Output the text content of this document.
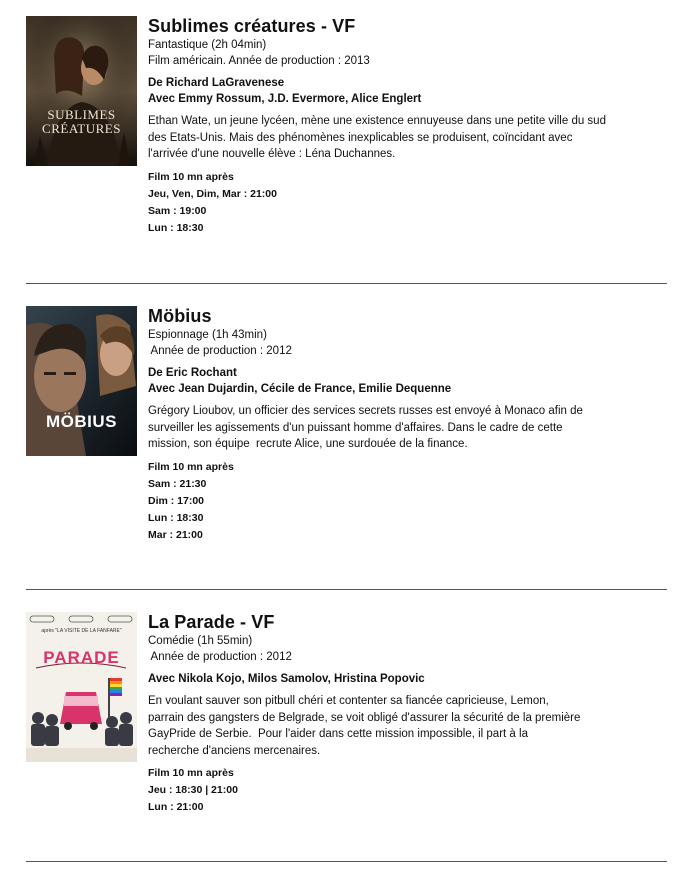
SUBLIMES CRÉATURES
Sublimes créatures - VF
Fantastique (2h 04min)
Film américain. Année de production : 2013
De Richard LaGravenese
Avec Emmy Rossum, J.D. Evermore, Alice Englert
Ethan Wate, un jeune lycéen, mène une existence ennuyeuse dans une petite ville du sud
des Etats-Unis. Mais des phénomènes inexplicables se produisent, coïncidant avec
l'arrivée d'une nouvelle élève : Léna Duchannes.
Film 10 mn après
Jeu, Ven, Dim, Mar : 21:00
Sam : 19:00
Lun : 18:30
MÖBIUS
Möbius
Espionnage (1h 43min)
Année de production : 2012
De Eric Rochant
Avec Jean Dujardin, Cécile de France, Emilie Dequenne
Grégory Lioubov, un officier des services secrets russes est envoyé à Monaco afin de
surveiller les agissements d'un puissant homme d'affaires. Dans le cadre de cette
mission, son équipe  recrute Alice, une surdouée de la finance.
Film 10 mn après
Sam : 21:30
Dim : 17:00
Lun : 18:30
Mar : 21:00
après "LA VISITE DE LA FANFARE"
PARADE
La Parade - VF
Comédie (1h 55min)
Année de production : 2012
Avec Nikola Kojo, Milos Samolov, Hristina Popovic
En voulant sauver son pitbull chéri et contenter sa fiancée capricieuse, Lemon,
parrain des gangsters de Belgrade, se voit obligé d'assurer la sécurité de la première
GayPride de Serbie.  Pour l'aider dans cette mission impossible, il part à la
recherche d'anciens mercenaires.
Film 10 mn après
Jeu : 18:30 | 21:00
Lun : 21:00
